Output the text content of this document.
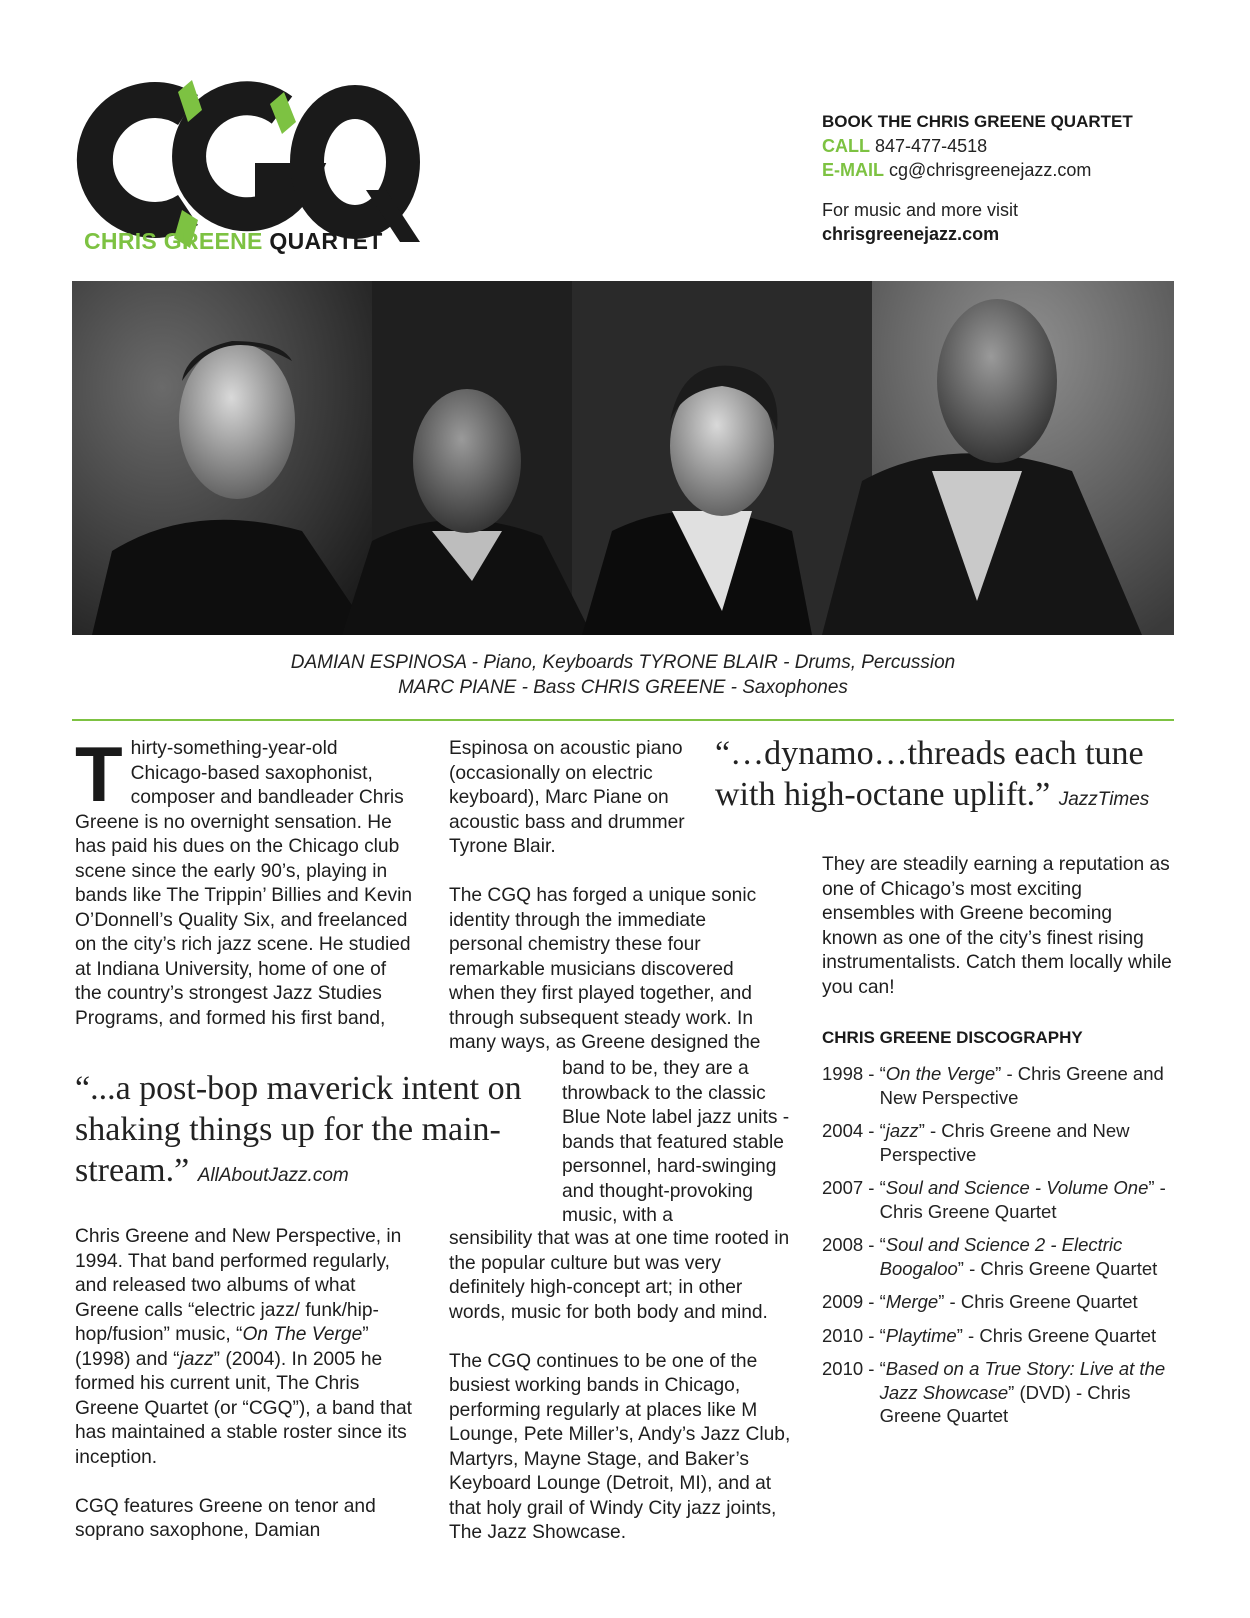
CHRIS GREENE QUARTET
BOOK THE CHRIS GREENE QUARTET
CALL 847-477-4518
E-MAIL cg@chrisgreenejazz.com
For music and more visit
chrisgreenejazz.com
DAMIAN ESPINOSA - Piano, Keyboards TYRONE BLAIR - Drums, Percussion
MARC PIANE - Bass CHRIS GREENE - Saxophones
T hirty-something-year-old Chicago-based saxophonist, composer and bandleader Chris Greene is no overnight sensation. He has paid his dues on the Chicago club scene since the early 90’s, playing in bands like The Trippin’ Billies and Kevin O’Donnell’s Quality Six, and freelanced on the city’s rich jazz scene. He studied at Indiana University, home of one of the country’s strongest Jazz Studies Programs, and formed his first band,
“...a post-bop maverick intent on shaking things up for the main-stream.” AllAboutJazz.com

Chris Greene and New Perspective, in 1994. That band performed regularly, and released two albums of what Greene calls “electric jazz/ funk/hip-hop/fusion” music, “On The Verge” (1998) and “jazz” (2004). In 2005 he formed his current unit, The Chris Greene Quartet (or “CGQ”), a band that has maintained a stable roster since its inception.

CGQ features Greene on tenor and soprano saxophone, Damian

Espinosa on acoustic piano (occasionally on electric keyboard), Marc Piane on acoustic bass and drummer Tyrone Blair.

The CGQ has forged a unique sonic identity through the immediate personal chemistry these four remarkable musicians discovered when they first played together, and through subsequent steady work. In many ways, as Greene designed the

band to be, they are a throwback to the classic Blue Note label jazz units - bands that featured stable personnel, hard-swinging and thought-provoking music, with a

sensibility that was at one time rooted in the popular culture but was very definitely high-concept art; in other words, music for both body and mind.

The CGQ continues to be one of the busiest working bands in Chicago, performing regularly at places like M Lounge, Pete Miller’s, Andy’s Jazz Club, Martyrs, Mayne Stage, and Baker’s Keyboard Lounge (Detroit, MI), and at that holy grail of Windy City jazz joints, The Jazz Showcase.

“…dynamo…threads each tune with high-octane uplift.” JazzTimes

They are steadily earning a reputation as one of Chicago’s most exciting ensembles with Greene becoming known as one of the city’s finest rising instrumentalists. Catch them locally while you can!

CHRIS GREENE DISCOGRAPHY
1998 - “On the Verge” - Chris Greene and New Perspective
2004 - “jazz” - Chris Greene and New Perspective
2007 - “Soul and Science - Volume One” - Chris Greene Quartet
2008 - “Soul and Science 2 - Electric Boogaloo” - Chris Greene Quartet
2009 - “Merge” - Chris Greene Quartet
2010 - “Playtime” - Chris Greene Quartet
2010 - “Based on a True Story: Live at the Jazz Showcase” (DVD) - Chris Greene Quartet
